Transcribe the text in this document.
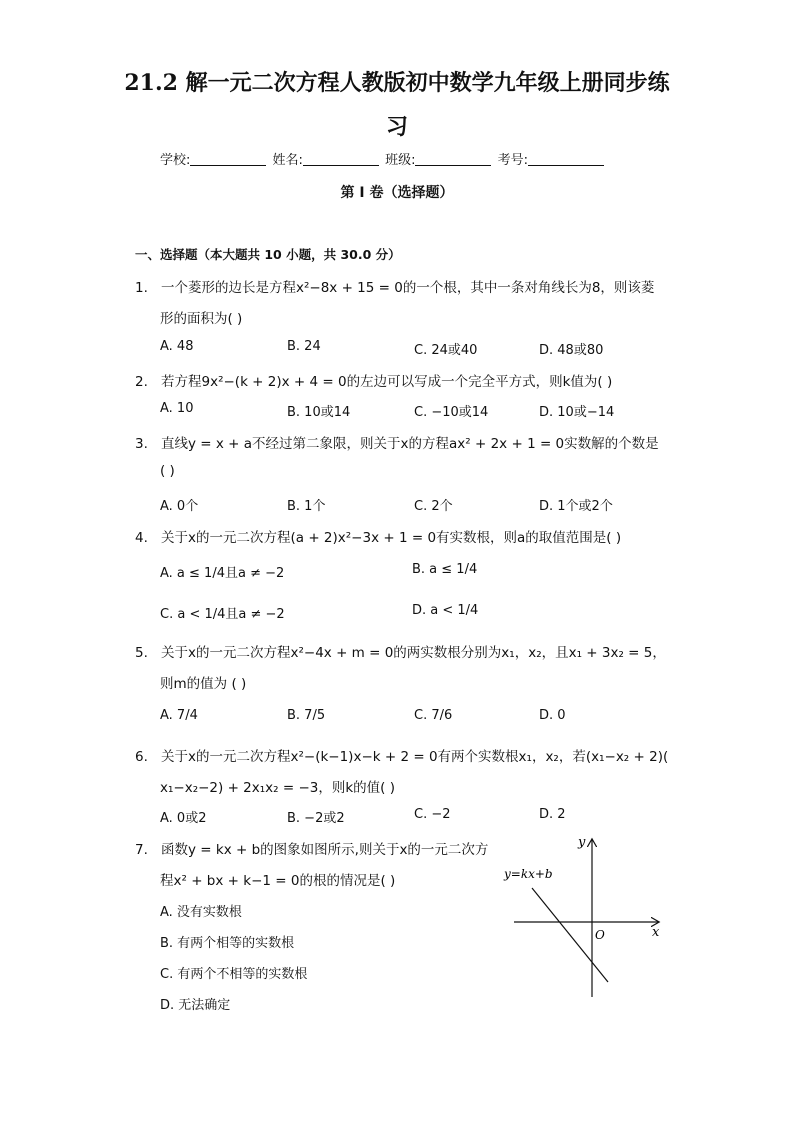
21.2 解一元二次方程人教版初中数学九年级上册同步练
习
学校:	姓名:	班级:	考号:
第 I 卷（选择题）
一、选择题（本大题共 10 小题，共 30.0 分）
1. 一个菱形的边长是方程x²−8x + 15 = 0的一个根，其中一条对角线长为8，则该菱
形的面积为( )
A. 48	B. 24	C. 24或40	D. 48或80
2. 若方程9x²−(k + 2)x + 4 = 0的左边可以写成一个完全平方式，则k值为( )
A. 10	B. 10或14	C. −10或14	D. 10或−14
3. 直线y = x + a不经过第二象限，则关于x的方程ax² + 2x + 1 = 0实数解的个数是
( )
A. 0个	B. 1个	C. 2个	D. 1个或2个
4. 关于x的一元二次方程(a + 2)x²−3x + 1 = 0有实数根，则a的取值范围是( )
A. a ≤ 1/4且a ≠ −2	B. a ≤ 1/4
C. a < 1/4且a ≠ −2	D. a < 1/4
5. 关于x的一元二次方程x²−4x + m = 0的两实数根分别为x₁，x₂，且x₁ + 3x₂ = 5，
则m的值为 ( )
A. 7/4	B. 7/5	C. 7/6	D. 0
6. 关于x的一元二次方程x²−(k−1)x−k + 2 = 0有两个实数根x₁，x₂，若(x₁−x₂ + 2)(
x₁−x₂−2) + 2x₁x₂ = −3，则k的值( )
A. 0或2	B. −2或2	C. −2	D. 2
7. 函数y = kx + b的图象如图所示,则关于x的一元二次方
程x² + bx + k−1 = 0的根的情况是( )
A. 没有实数根
B. 有两个相等的实数根
C. 有两个不相等的实数根
D. 无法确定
y
x
O
y=kx+b
